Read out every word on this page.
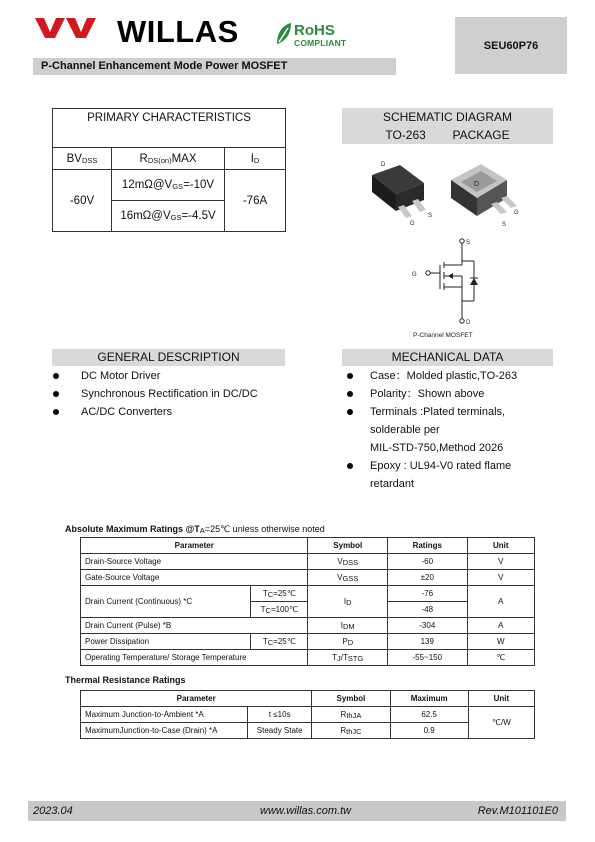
WILLAS	RoHS
COMPLIANT	SEU60P76
P-Channel Enhancement Mode Power MOSFET
PRIMARY CHARACTERISTICS		
BVDSS	RDS(on)MAX	ID
-60V	12mΩ@VGS=-10V	-76A
	16mΩ@VGS=-4.5V	
SCHEMATIC DIAGRAM
TO-263        PACKAGE
D
G
S
D
G
S
S
G
D
P-Channel MOSFET
GENERAL DESCRIPTION
DC Motor Driver
Synchronous Rectification in DC/DC
AC/DC Converters
MECHANICAL DATA
Case：Molded plastic,TO-263
Polarity：Shown above
Terminals :Plated terminals,
solderable per
MIL-STD-750,Method 2026
Epoxy : UL94-V0 rated flame
retardant
Absolute Maximum Ratings @TA=25℃ unless otherwise noted
Parameter		Symbol	Ratings	Unit
Drain-Source Voltage		VDSS	-60	V
Gate-Source Voltage		VGSS	±20	V
Drain Current (Continuous) *C	TC=25℃	ID	-76	A
	TC=100℃		-48	
Drain Current (Pulse) *B		IDM	-304	A
Power Dissipation	TC=25℃	PD	139	W
Operating Temperature/ Storage Temperature		TJ/TSTG	-55~150	℃
Thermal Resistance Ratings
Parameter		Symbol	Maximum	Unit
Maximum Junction-to-Ambient *A	t ≤10s	RthJA	62.5	℃/W
MaximumJunction-to-Case (Drain) *A	Steady State	RthJC	0.9	
2023.04	www.willas.com.tw	Rev.M101101E0
